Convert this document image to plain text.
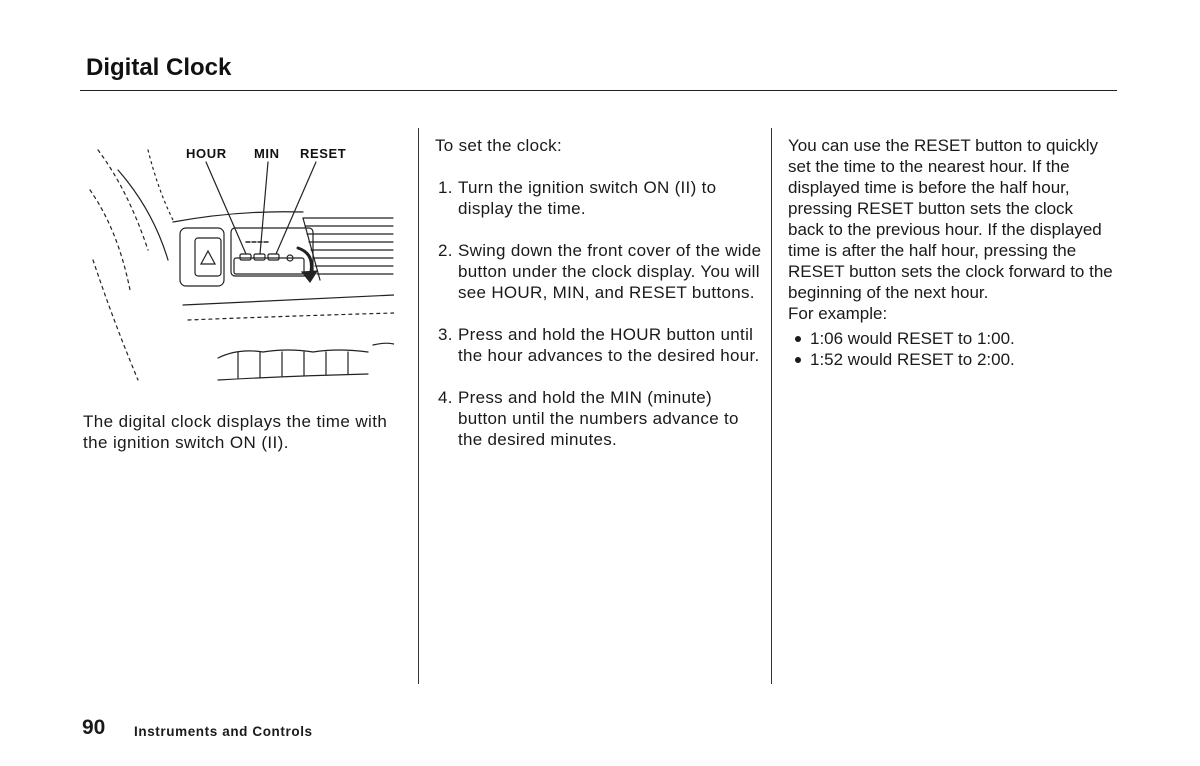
Digital Clock
HOUR MIN RESET
The digital clock displays the time with the ignition switch ON (II).

To set the clock:

1. Turn the ignition switch ON (II) to display the time.
2. Swing down the front cover of the wide button under the clock display. You will see HOUR, MIN, and RESET buttons.
3. Press and hold the HOUR button until the hour advances to the desired hour.
4. Press and hold the MIN (minute) button until the numbers advance to the desired minutes.

You can use the RESET button to quickly set the time to the nearest hour. If the displayed time is before the half hour, pressing RESET button sets the clock back to the previous hour. If the displayed time is after the half hour, pressing the RESET button sets the clock forward to the beginning of the next hour.

For example:

1:06 would RESET to 1:00.
1:52 would RESET to 2:00.
90 Instruments and Controls
